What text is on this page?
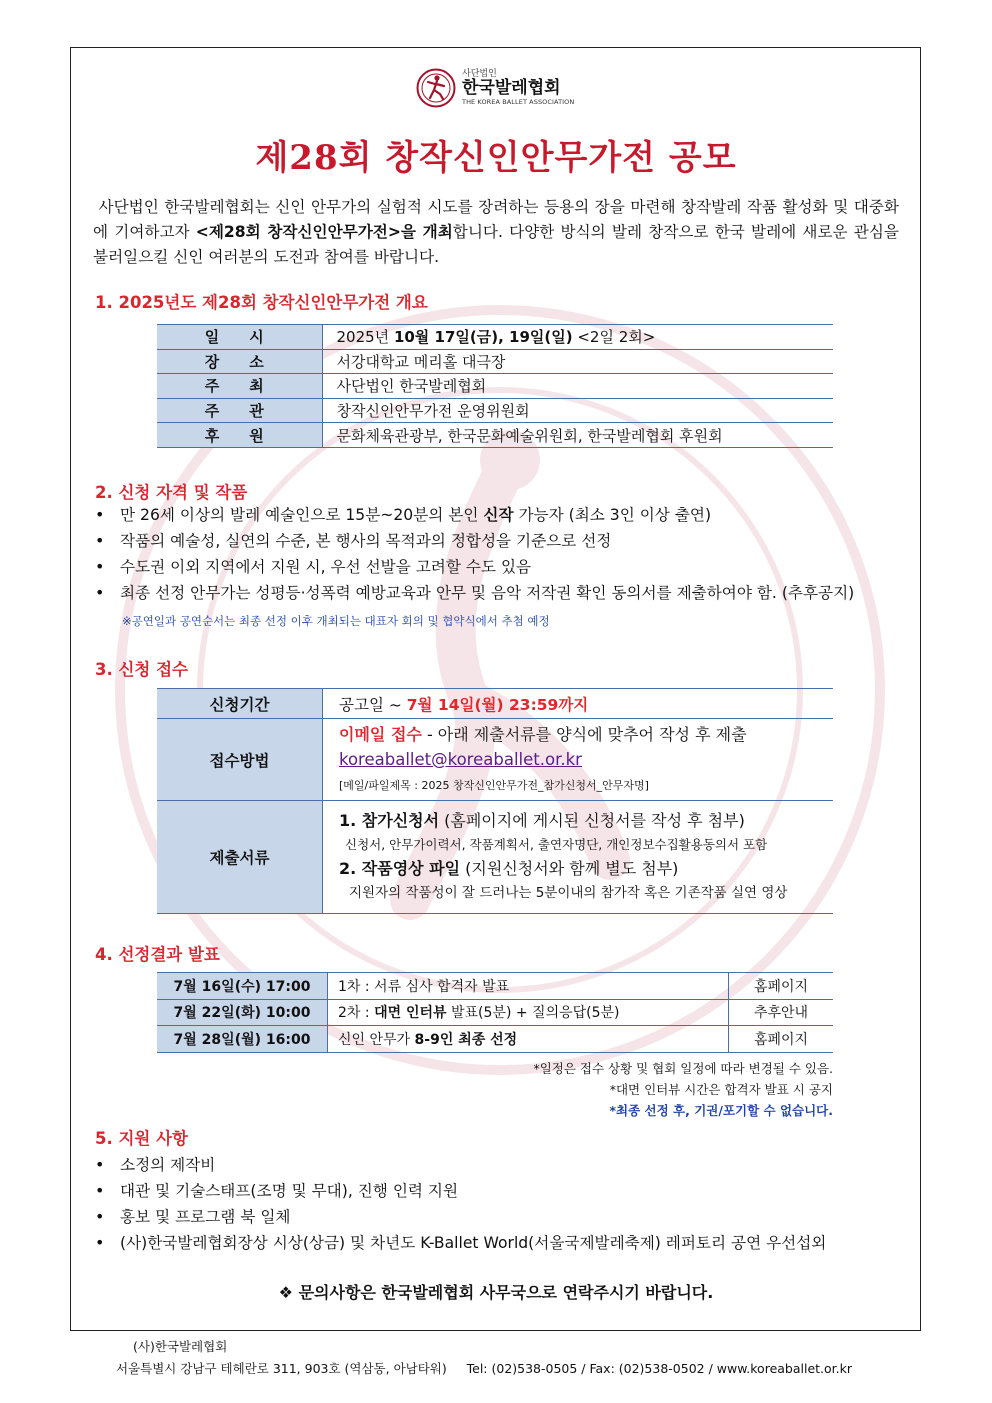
사단법인
한국발레협회
THE KOREA BALLET ASSOCIATION
제28회 창작신인안무가전 공모
사단법인 한국발레협회는 신인 안무가의 실험적 시도를 장려하는 등용의 장을 마련해 창작발레 작품 활성화 및 대중화에 기여하고자 <제28회 창작신인안무가전>을 개최합니다. 다양한 방식의 발레 창작으로 한국 발레에 새로운 관심을 불러일으킬 신인 여러분의 도전과 참여를 바랍니다.
1. 2025년도 제28회 창작신인안무가전 개요
일시	2025년 10월 17일(금), 19일(일) <2일 2회>
장소	서강대학교 메리홀 대극장
주최	사단법인 한국발레협회
주관	창작신인안무가전 운영위원회
후원	문화체육관광부, 한국문화예술위원회, 한국발레협회 후원회
2. 신청 자격 및 작품
• 만 26세 이상의 발레 예술인으로 15분~20분의 본인 신작 가능자 (최소 3인 이상 출연)
• 작품의 예술성, 실연의 수준, 본 행사의 목적과의 정합성을 기준으로 선정
• 수도권 이외 지역에서 지원 시, 우선 선발을 고려할 수도 있음
• 최종 선정 안무가는 성평등·성폭력 예방교육과 안무 및 음악 저작권 확인 동의서를 제출하여야 함. (추후공지)
※공연일과 공연순서는 최종 선정 이후 개최되는 대표자 회의 및 협약식에서 추첨 예정
3. 신청 접수
신청기간	공고일 ~ 7월 14일(월) 23:59까지
접수방법	이메일 접수 - 아래 제출서류를 양식에 맞추어 작성 후 제출
koreaballet@koreaballet.or.kr
[메일/파일제목 : 2025 창작신인안무가전_참가신청서_안무자명]

제출서류	1. 참가신청서 (홈페이지에 게시된 신청서를 작성 후 첨부)
신청서, 안무가이력서, 작품계획서, 출연자명단, 개인정보수집활용동의서 포함
2. 작품영상 파일 (지원신청서와 함께 별도 첨부)
지원자의 작품성이 잘 드러나는 5분이내의 참가작 혹은 기존작품 실연 영상
4. 선정결과 발표
7월 16일(수) 17:00	1차 : 서류 심사 합격자 발표	홈페이지
7월 22일(화) 10:00	2차 : 대면 인터뷰 발표(5분) + 질의응답(5분)	추후안내
7월 28일(월) 16:00	신인 안무가 8-9인 최종 선정	홈페이지
*일정은 접수 상황 및 협회 일정에 따라 변경될 수 있음.
*대면 인터뷰 시간은 합격자 발표 시 공지
*최종 선정 후, 기권/포기할 수 없습니다.
5. 지원 사항
• 소정의 제작비
• 대관 및 기술스태프(조명 및 무대), 진행 인력 지원
• 홍보 및 프로그램 북 일체
• (사)한국발레협회장상 시상(상금) 및 차년도 K-Ballet World(서울국제발레축제) 레퍼토리 공연 우선섭외
❖ 문의사항은 한국발레협회 사무국으로 연락주시기 바랍니다.
(사)한국발레협회
서울특별시 강남구 테헤란로 311, 903호 (역삼동, 아남타워)     Tel: (02)538-0505 / Fax: (02)538-0502 / www.koreaballet.or.kr
